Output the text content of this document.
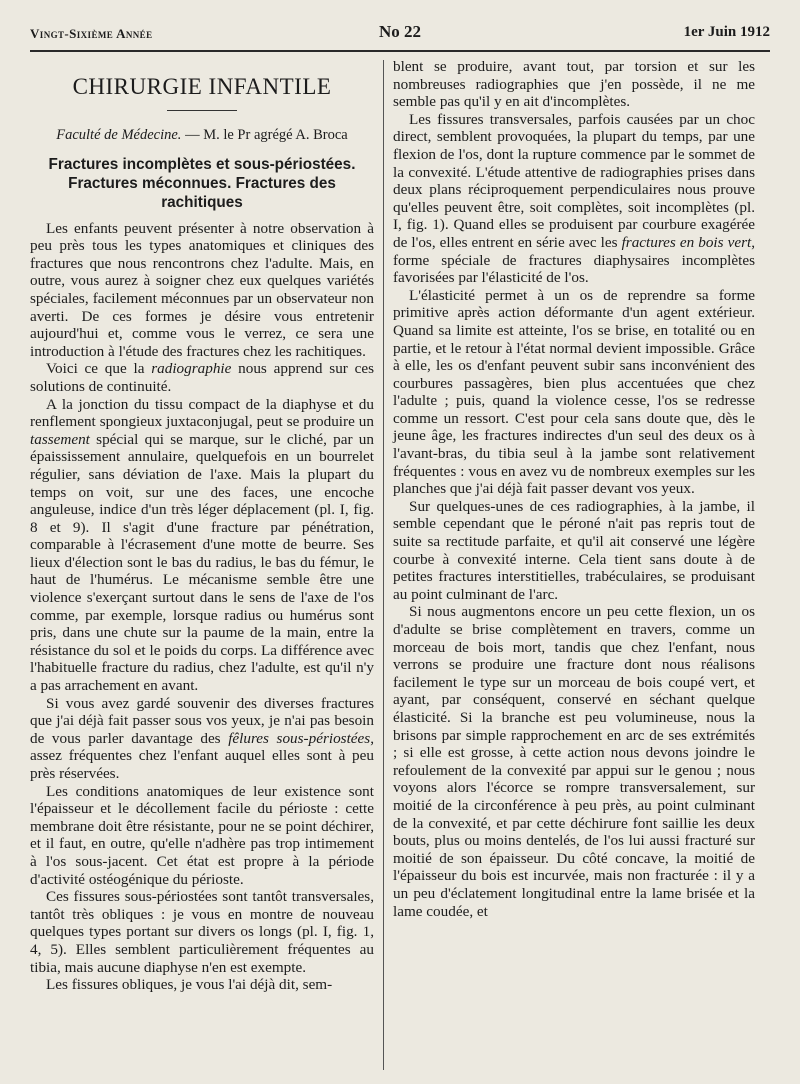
Vingt-Sixième Année	No 22	1er Juin 1912
CHIRURGIE INFANTILE
Faculté de Médecine. — M. le Pr agrégé A. Broca
Fractures incomplètes et sous-périostées.
Fractures méconnues. Fractures des rachitiques

Les enfants peuvent présenter à notre observation à peu près tous les types anatomiques et cliniques des fractures que nous rencontrons chez l'adulte. Mais, en outre, vous aurez à soigner chez eux quelques variétés spéciales, facilement méconnues par un observateur non averti. De ces formes je désire vous entretenir aujourd'hui et, comme vous le verrez, ce sera une introduction à l'étude des fractures chez les rachitiques.

Voici ce que la radiographie nous apprend sur ces solutions de continuité.

A la jonction du tissu compact de la diaphyse et du renflement spongieux juxtaconjugal, peut se produire un tassement spécial qui se marque, sur le cliché, par un épaississement annulaire, quelquefois en un bourrelet régulier, sans déviation de l'axe. Mais la plupart du temps on voit, sur une des faces, une encoche anguleuse, indice d'un très léger déplacement (pl. I, fig. 8 et 9). Il s'agit d'une fracture par pénétration, comparable à l'écrasement d'une motte de beurre. Ses lieux d'élection sont le bas du radius, le bas du fémur, le haut de l'humérus. Le mécanisme semble être une violence s'exerçant surtout dans le sens de l'axe de l'os comme, par exemple, lorsque radius ou humérus sont pris, dans une chute sur la paume de la main, entre la résistance du sol et le poids du corps. La différence avec l'habituelle fracture du radius, chez l'adulte, est qu'il n'y a pas arrachement en avant.

Si vous avez gardé souvenir des diverses fractures que j'ai déjà fait passer sous vos yeux, je n'ai pas besoin de vous parler davantage des fêlures sous-périostées, assez fréquentes chez l'enfant auquel elles sont à peu près réservées.

Les conditions anatomiques de leur existence sont l'épaisseur et le décollement facile du périoste : cette membrane doit être résistante, pour ne se point déchirer, et il faut, en outre, qu'elle n'adhère pas trop intimement à l'os sous-jacent. Cet état est propre à la période d'activité ostéogénique du périoste.

Ces fissures sous-périostées sont tantôt transversales, tantôt très obliques : je vous en montre de nouveau quelques types portant sur divers os longs (pl. I, fig. 1, 4, 5). Elles semblent particulièrement fréquentes au tibia, mais aucune diaphyse n'en est exempte.

Les fissures obliques, je vous l'ai déjà dit, sem-

blent se produire, avant tout, par torsion et sur les nombreuses radiographies que j'en possède, il ne me semble pas qu'il y en ait d'incomplètes.

Les fissures transversales, parfois causées par un choc direct, semblent provoquées, la plupart du temps, par une flexion de l'os, dont la rupture commence par le sommet de la convexité. L'étude attentive de radiographies prises dans deux plans réciproquement perpendiculaires nous prouve qu'elles peuvent être, soit complètes, soit incomplètes (pl. I, fig. 1). Quand elles se produisent par courbure exagérée de l'os, elles entrent en série avec les fractures en bois vert, forme spéciale de fractures diaphysaires incomplètes favorisées par l'élasticité de l'os.

L'élasticité permet à un os de reprendre sa forme primitive après action déformante d'un agent extérieur. Quand sa limite est atteinte, l'os se brise, en totalité ou en partie, et le retour à l'état normal devient impossible. Grâce à elle, les os d'enfant peuvent subir sans inconvénient des courbures passagères, bien plus accentuées que chez l'adulte ; puis, quand la violence cesse, l'os se redresse comme un ressort. C'est pour cela sans doute que, dès le jeune âge, les fractures indirectes d'un seul des deux os à l'avant-bras, du tibia seul à la jambe sont relativement fréquentes : vous en avez vu de nombreux exemples sur les planches que j'ai déjà fait passer devant vos yeux.

Sur quelques-unes de ces radiographies, à la jambe, il semble cependant que le péroné n'ait pas repris tout de suite sa rectitude parfaite, et qu'il ait conservé une légère courbe à convexité interne. Cela tient sans doute à de petites fractures interstitielles, trabéculaires, se produisant au point culminant de l'arc.

Si nous augmentons encore un peu cette flexion, un os d'adulte se brise complètement en travers, comme un morceau de bois mort, tandis que chez l'enfant, nous verrons se produire une fracture dont nous réalisons facilement le type sur un morceau de bois coupé vert, et ayant, par conséquent, conservé en séchant quelque élasticité. Si la branche est peu volumineuse, nous la brisons par simple rapprochement en arc de ses extrémités ; si elle est grosse, à cette action nous devons joindre le refoulement de la convexité par appui sur le genou ; nous voyons alors l'écorce se rompre transversalement, sur moitié de la circonférence à peu près, au point culminant de la convexité, et par cette déchirure font saillie les deux bouts, plus ou moins dentelés, de l'os lui aussi fracturé sur moitié de son épaisseur. Du côté concave, la moitié de l'épaisseur du bois est incurvée, mais non fracturée : il y a un peu d'éclatement longitudinal entre la lame brisée et la lame coudée, et
